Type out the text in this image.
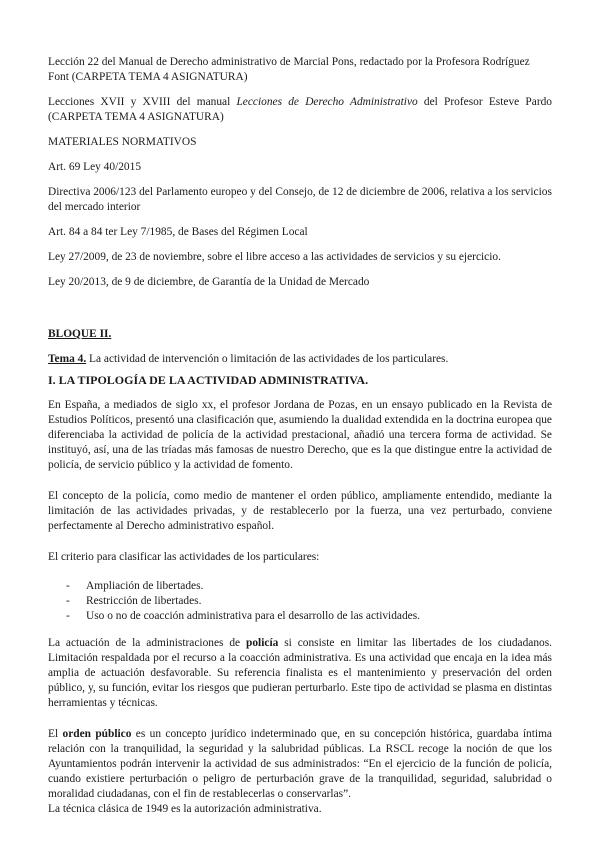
Lección 22 del Manual de Derecho administrativo de Marcial Pons, redactado por la Profesora Rodríguez Font (CARPETA TEMA 4 ASIGNATURA)

Lecciones XVII y XVIII del manual Lecciones de Derecho Administrativo del Profesor Esteve Pardo (CARPETA TEMA 4 ASIGNATURA)

MATERIALES NORMATIVOS

Art. 69 Ley 40/2015

Directiva 2006/123 del Parlamento europeo y del Consejo, de 12 de diciembre de 2006, relativa a los servicios del mercado interior

Art. 84 a 84 ter Ley 7/1985, de Bases del Régimen Local

Ley 27/2009, de 23 de noviembre, sobre el libre acceso a las actividades de servicios y su ejercicio.

Ley 20/2013, de 9 de diciembre, de Garantía de la Unidad de Mercado

BLOQUE II.

Tema 4. La actividad de intervención o limitación de las actividades de los particulares.

I. LA TIPOLOGÍA DE LA ACTIVIDAD ADMINISTRATIVA.

En España, a mediados de siglo xx, el profesor Jordana de Pozas, en un ensayo publicado en la Revista de Estudios Políticos, presentó una clasificación que, asumiendo la dualidad extendida en la doctrina europea que diferenciaba la actividad de policía de la actividad prestacional, añadió una tercera forma de actividad. Se instituyó, así, una de las tríadas más famosas de nuestro Derecho, que es la que distingue entre la actividad de policía, de servicio público y la actividad de fomento.

El concepto de la policía, como medio de mantener el orden público, ampliamente entendido, mediante la limitación de las actividades privadas, y de restablecerlo por la fuerza, una vez perturbado, conviene perfectamente al Derecho administrativo español.

El criterio para clasificar las actividades de los particulares:

- Ampliación de libertades.
- Restricción de libertades.
- Uso o no de coacción administrativa para el desarrollo de las actividades.

La actuación de la administraciones de policía si consiste en limitar las libertades de los ciudadanos. Limitación respaldada por el recurso a la coacción administrativa. Es una actividad que encaja en la idea más amplia de actuación desfavorable. Su referencia finalista es el mantenimiento y preservación del orden público, y, su función, evitar los riesgos que pudieran perturbarlo. Este tipo de actividad se plasma en distintas herramientas y técnicas.

El orden público es un concepto jurídico indeterminado que, en su concepción histórica, guardaba íntima relación con la tranquilidad, la seguridad y la salubridad públicas. La RSCL recoge la noción de que los Ayuntamientos podrán intervenir la actividad de sus administrados: “En el ejercicio de la función de policía, cuando existiere perturbación o peligro de perturbación grave de la tranquilidad, seguridad, salubridad o moralidad ciudadanas, con el fin de restablecerlas o conservarlas”.

La técnica clásica de 1949 es la autorización administrativa.
